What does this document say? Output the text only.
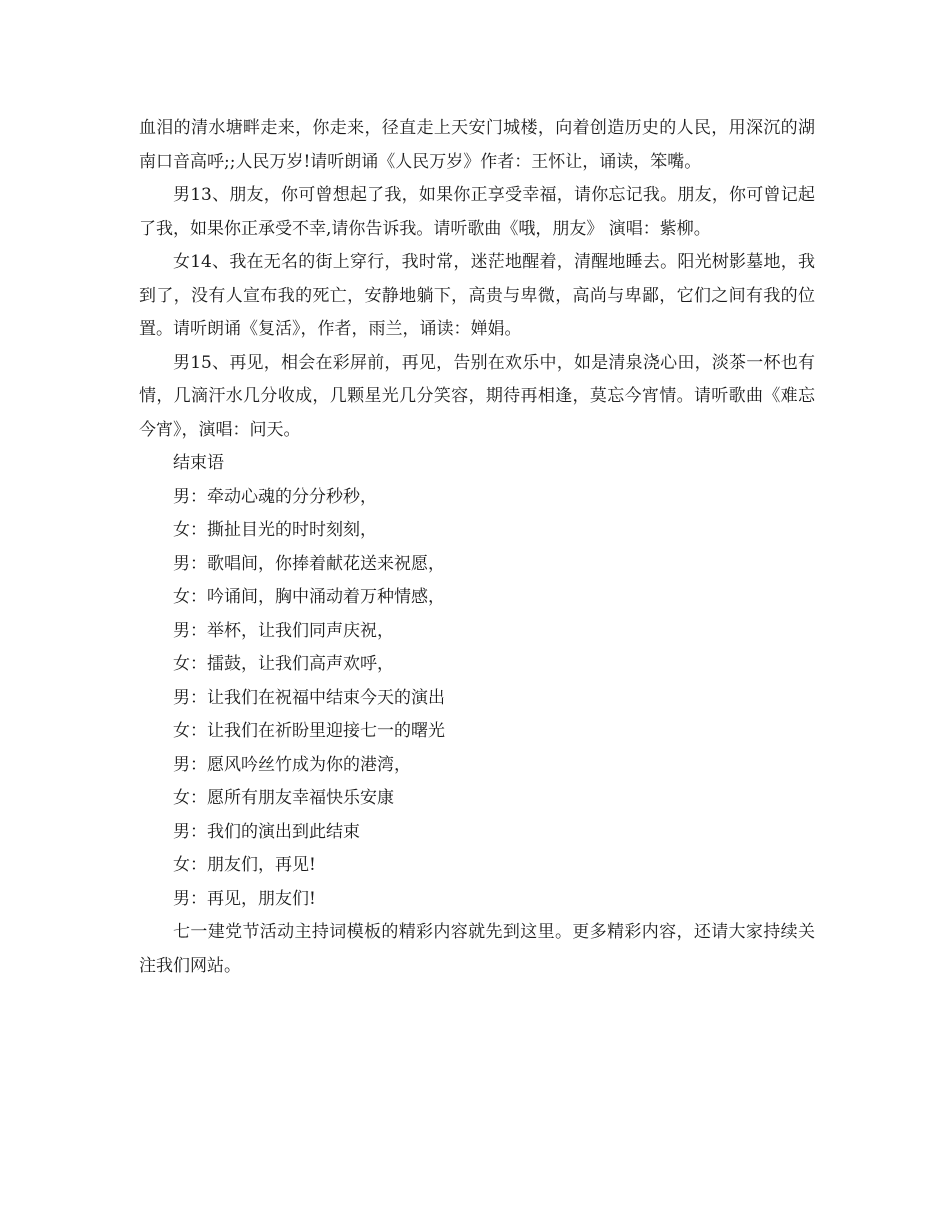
血泪的清水塘畔走来，你走来，径直走上天安门城楼，向着创造历史的人民，用深沉的湖南口音高呼;;人民万岁!请听朗诵《人民万岁》作者：王怀让，诵读，笨嘴。

男13、朋友，你可曾想起了我，如果你正享受幸福，请你忘记我。朋友，你可曾记起了我，如果你正承受不幸,请你告诉我。请听歌曲《哦，朋友》 演唱：紫柳。

女14、我在无名的街上穿行，我时常，迷茫地醒着，清醒地睡去。阳光树影墓地，我到了，没有人宣布我的死亡，安静地躺下，高贵与卑微，高尚与卑鄙，它们之间有我的位置。请听朗诵《复活》，作者，雨兰，诵读：婵娟。

男15、再见，相会在彩屏前，再见，告别在欢乐中，如是清泉浇心田，淡茶一杯也有情，几滴汗水几分收成，几颗星光几分笑容，期待再相逢，莫忘今宵情。请听歌曲《难忘今宵》，演唱：问天。

结束语

男：牵动心魂的分分秒秒，

女：撕扯目光的时时刻刻，

男：歌唱间，你捧着献花送来祝愿，

女：吟诵间，胸中涌动着万种情感，

男：举杯，让我们同声庆祝，

女：擂鼓，让我们高声欢呼，

男：让我们在祝福中结束今天的演出

女：让我们在祈盼里迎接七一的曙光

男：愿风吟丝竹成为你的港湾，

女：愿所有朋友幸福快乐安康

男：我们的演出到此结束

女：朋友们，再见!

男：再见，朋友们!

七一建党节活动主持词模板的精彩内容就先到这里。更多精彩内容，还请大家持续关注我们网站。
